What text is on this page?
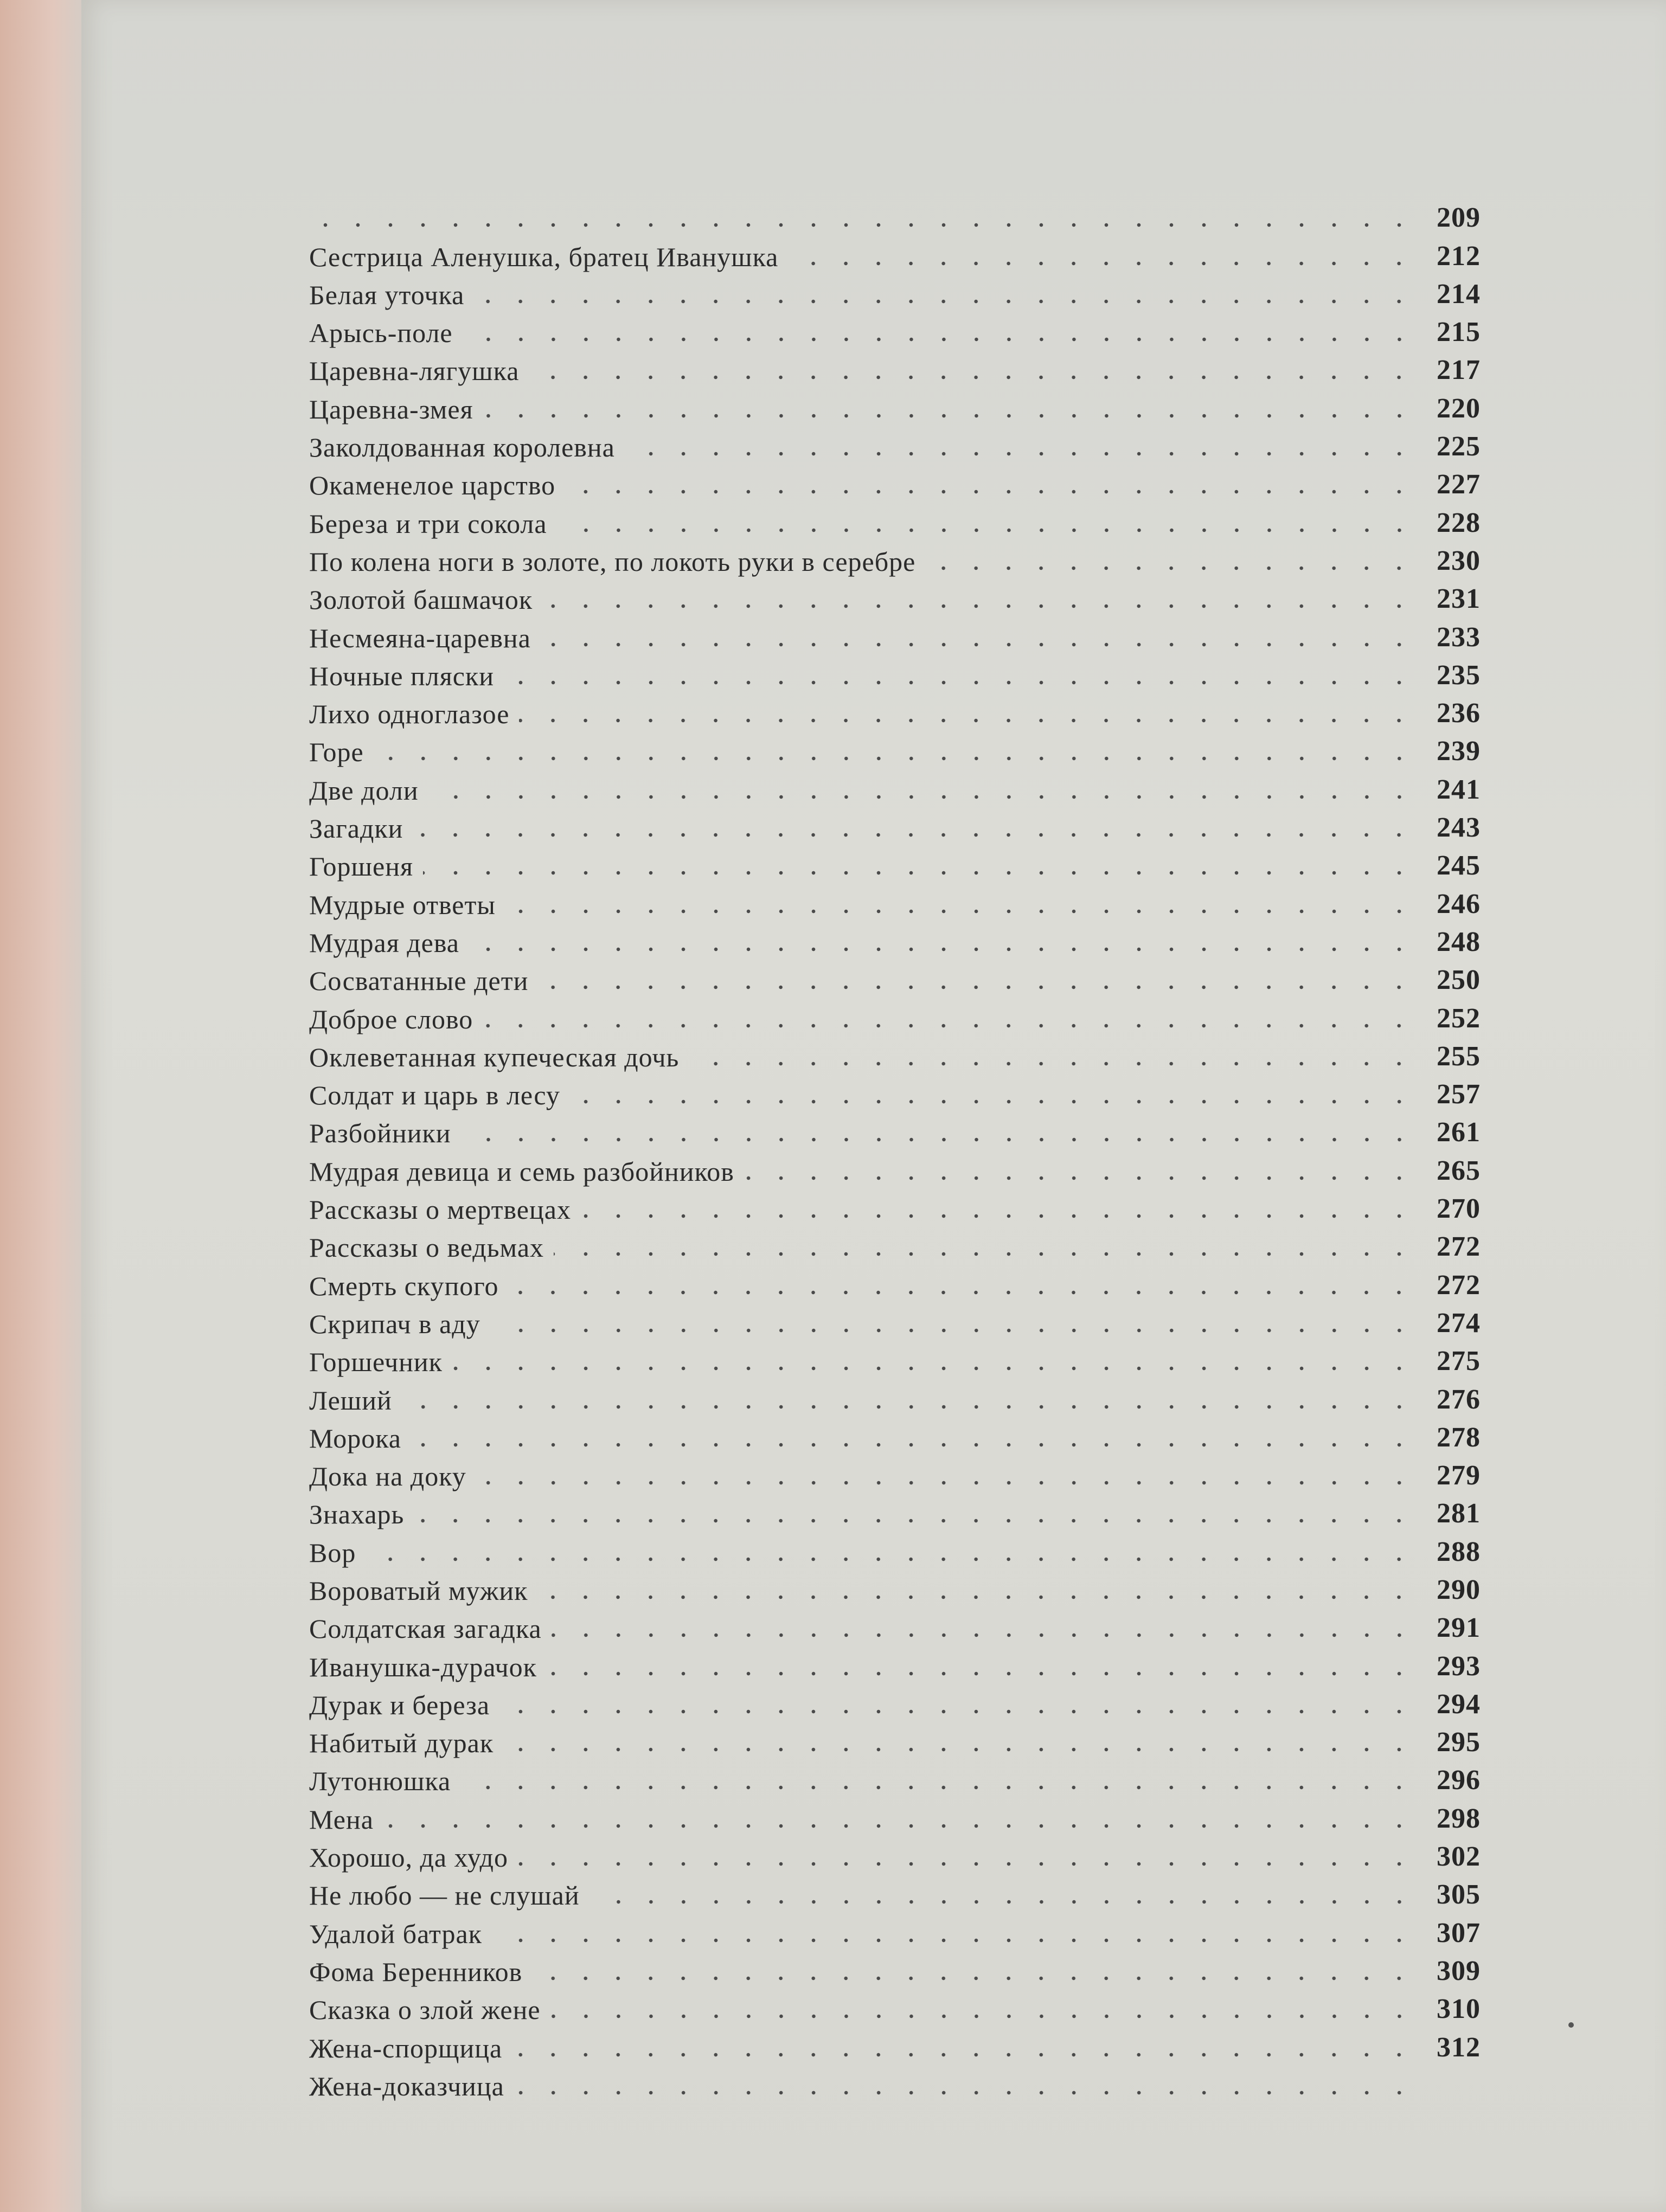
209
Сестрица Аленушка, братец Иванушка	212
Белая уточка	214
Арысь-поле	215
Царевна-лягушка	217
Царевна-змея	220
Заколдованная королевна	225
Окаменелое царство	227
Береза и три сокола	228
По колена ноги в золоте, по локоть руки в серебре	230
Золотой башмачок	231
Несмеяна-царевна	233
Ночные пляски	235
Лихо одноглазое	236
Горе	239
Две доли	241
Загадки	243
Горшеня	245
Мудрые ответы	246
Мудрая дева	248
Сосватанные дети	250
Доброе слово	252
Оклеветанная купеческая дочь	255
Солдат и царь в лесу	257
Разбойники	261
Мудрая девица и семь разбойников	265
Рассказы о мертвецах	270
Рассказы о ведьмах	272
Смерть скупого	272
Скрипач в аду	274
Горшечник	275
Леший	276
Морока	278
Дока на доку	279
Знахарь	281
Вор	288
Вороватый мужик	290
Солдатская загадка	291
Иванушка-дурачок	293
Дурак и береза	294
Набитый дурак	295
Лутонюшка	296
Мена	298
Хорошо, да худо	302
Не любо — не слушай	305
Удалой батрак	307
Фома Беренников	309
Сказка о злой жене	310
Жена-спорщица	312
Жена-доказчица
